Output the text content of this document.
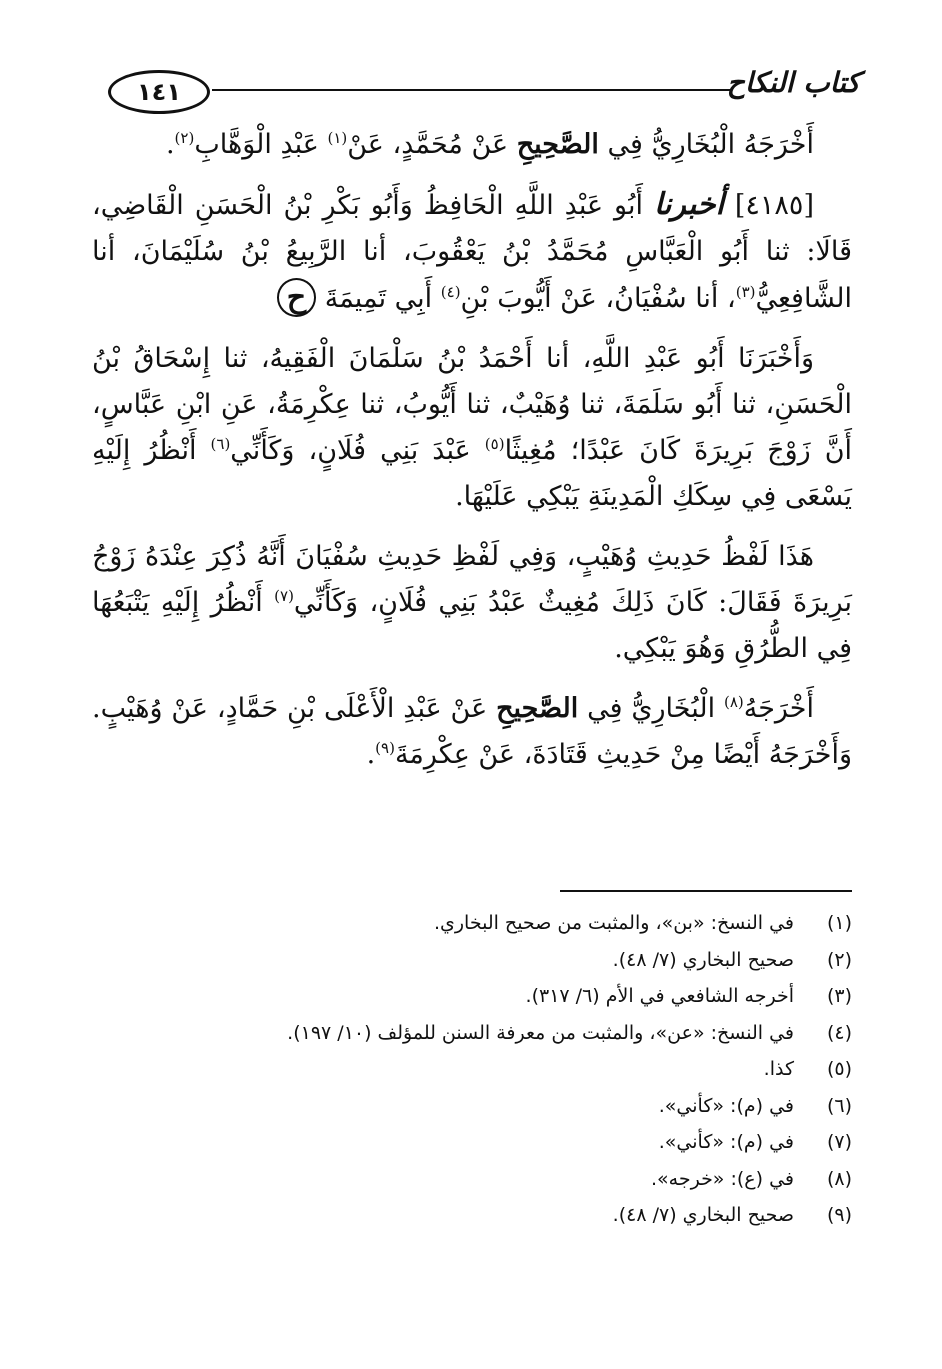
١٤١	كتاب النكاح

أَخْرَجَهُ الْبُخَارِيُّ فِي الصَّحِيحِ عَنْ مُحَمَّدٍ، عَنْ$^{(١)}$ عَبْدِ الْوَهَّابِ$^{(٢)}$.

[٤١٨٥] أخبرنا أَبُو عَبْدِ اللَّهِ الْحَافِظُ وَأَبُو بَكْرِ بْنُ الْحَسَنِ الْقَاضِي، قَالَا: ثنا أَبُو الْعَبَّاسِ مُحَمَّدُ بْنُ يَعْقُوبَ، أنا الرَّبِيعُ بْنُ سُلَيْمَانَ، أنا الشَّافِعِيُّ$^{(٣)}$، أنا سُفْيَانُ، عَنْ أَيُّوبَ بْنِ$^{(٤)}$ أَبِي تَمِيمَةَ ح

وَأَخْبَرَنَا أَبُو عَبْدِ اللَّهِ، أنا أَحْمَدُ بْنُ سَلْمَانَ الْفَقِيهُ، ثنا إِسْحَاقُ بْنُ الْحَسَنِ، ثنا أَبُو سَلَمَةَ، ثنا وُهَيْبٌ، ثنا أَيُّوبُ، ثنا عِكْرِمَةُ، عَنِ ابْنِ عَبَّاسٍ، أَنَّ زَوْجَ بَرِيرَةَ كَانَ عَبْدًا؛ مُغِيثًا$^{(٥)}$ عَبْدَ بَنِي فُلَانٍ، وَكَأَنِّي$^{(٦)}$ أَنْظُرُ إِلَيْهِ يَسْعَى فِي سِكَكِ الْمَدِينَةِ يَبْكِي عَلَيْهَا.

هَذَا لَفْظُ حَدِيثِ وُهَيْبٍ، وَفِي لَفْظِ حَدِيثِ سُفْيَانَ أَنَّهُ ذُكِرَ عِنْدَهُ زَوْجُ بَرِيرَةَ فَقَالَ: كَانَ ذَلِكَ مُغِيثٌ عَبْدُ بَنِي فُلَانٍ، وَكَأَنِّي$^{(٧)}$ أَنْظُرُ إِلَيْهِ يَتْبَعُهَا فِي الطُّرُقِ وَهُوَ يَبْكِي.

أَخْرَجَهُ$^{(٨)}$ الْبُخَارِيُّ فِي الصَّحِيحِ عَنْ عَبْدِ الْأَعْلَى بْنِ حَمَّادٍ، عَنْ وُهَيْبٍ. وَأَخْرَجَهُ أَيْضًا مِنْ حَدِيثِ قَتَادَةَ، عَنْ عِكْرِمَةَ$^{(٩)}$.

(١)
في النسخ: «بن»، والمثبت من صحيح البخاري.
(٢)
صحيح البخاري (٧/ ٤٨).
(٣)
أخرجه الشافعي في الأم (٦/ ٣١٧).
(٤)
في النسخ: «عن»، والمثبت من معرفة السنن للمؤلف (١٠/ ١٩٧).
(٥)
كذا.
(٦)
في (م): «كأني».
(٧)
في (م): «كأني».
(٨)
في (ع): «خرجه».
(٩)
صحيح البخاري (٧/ ٤٨).
